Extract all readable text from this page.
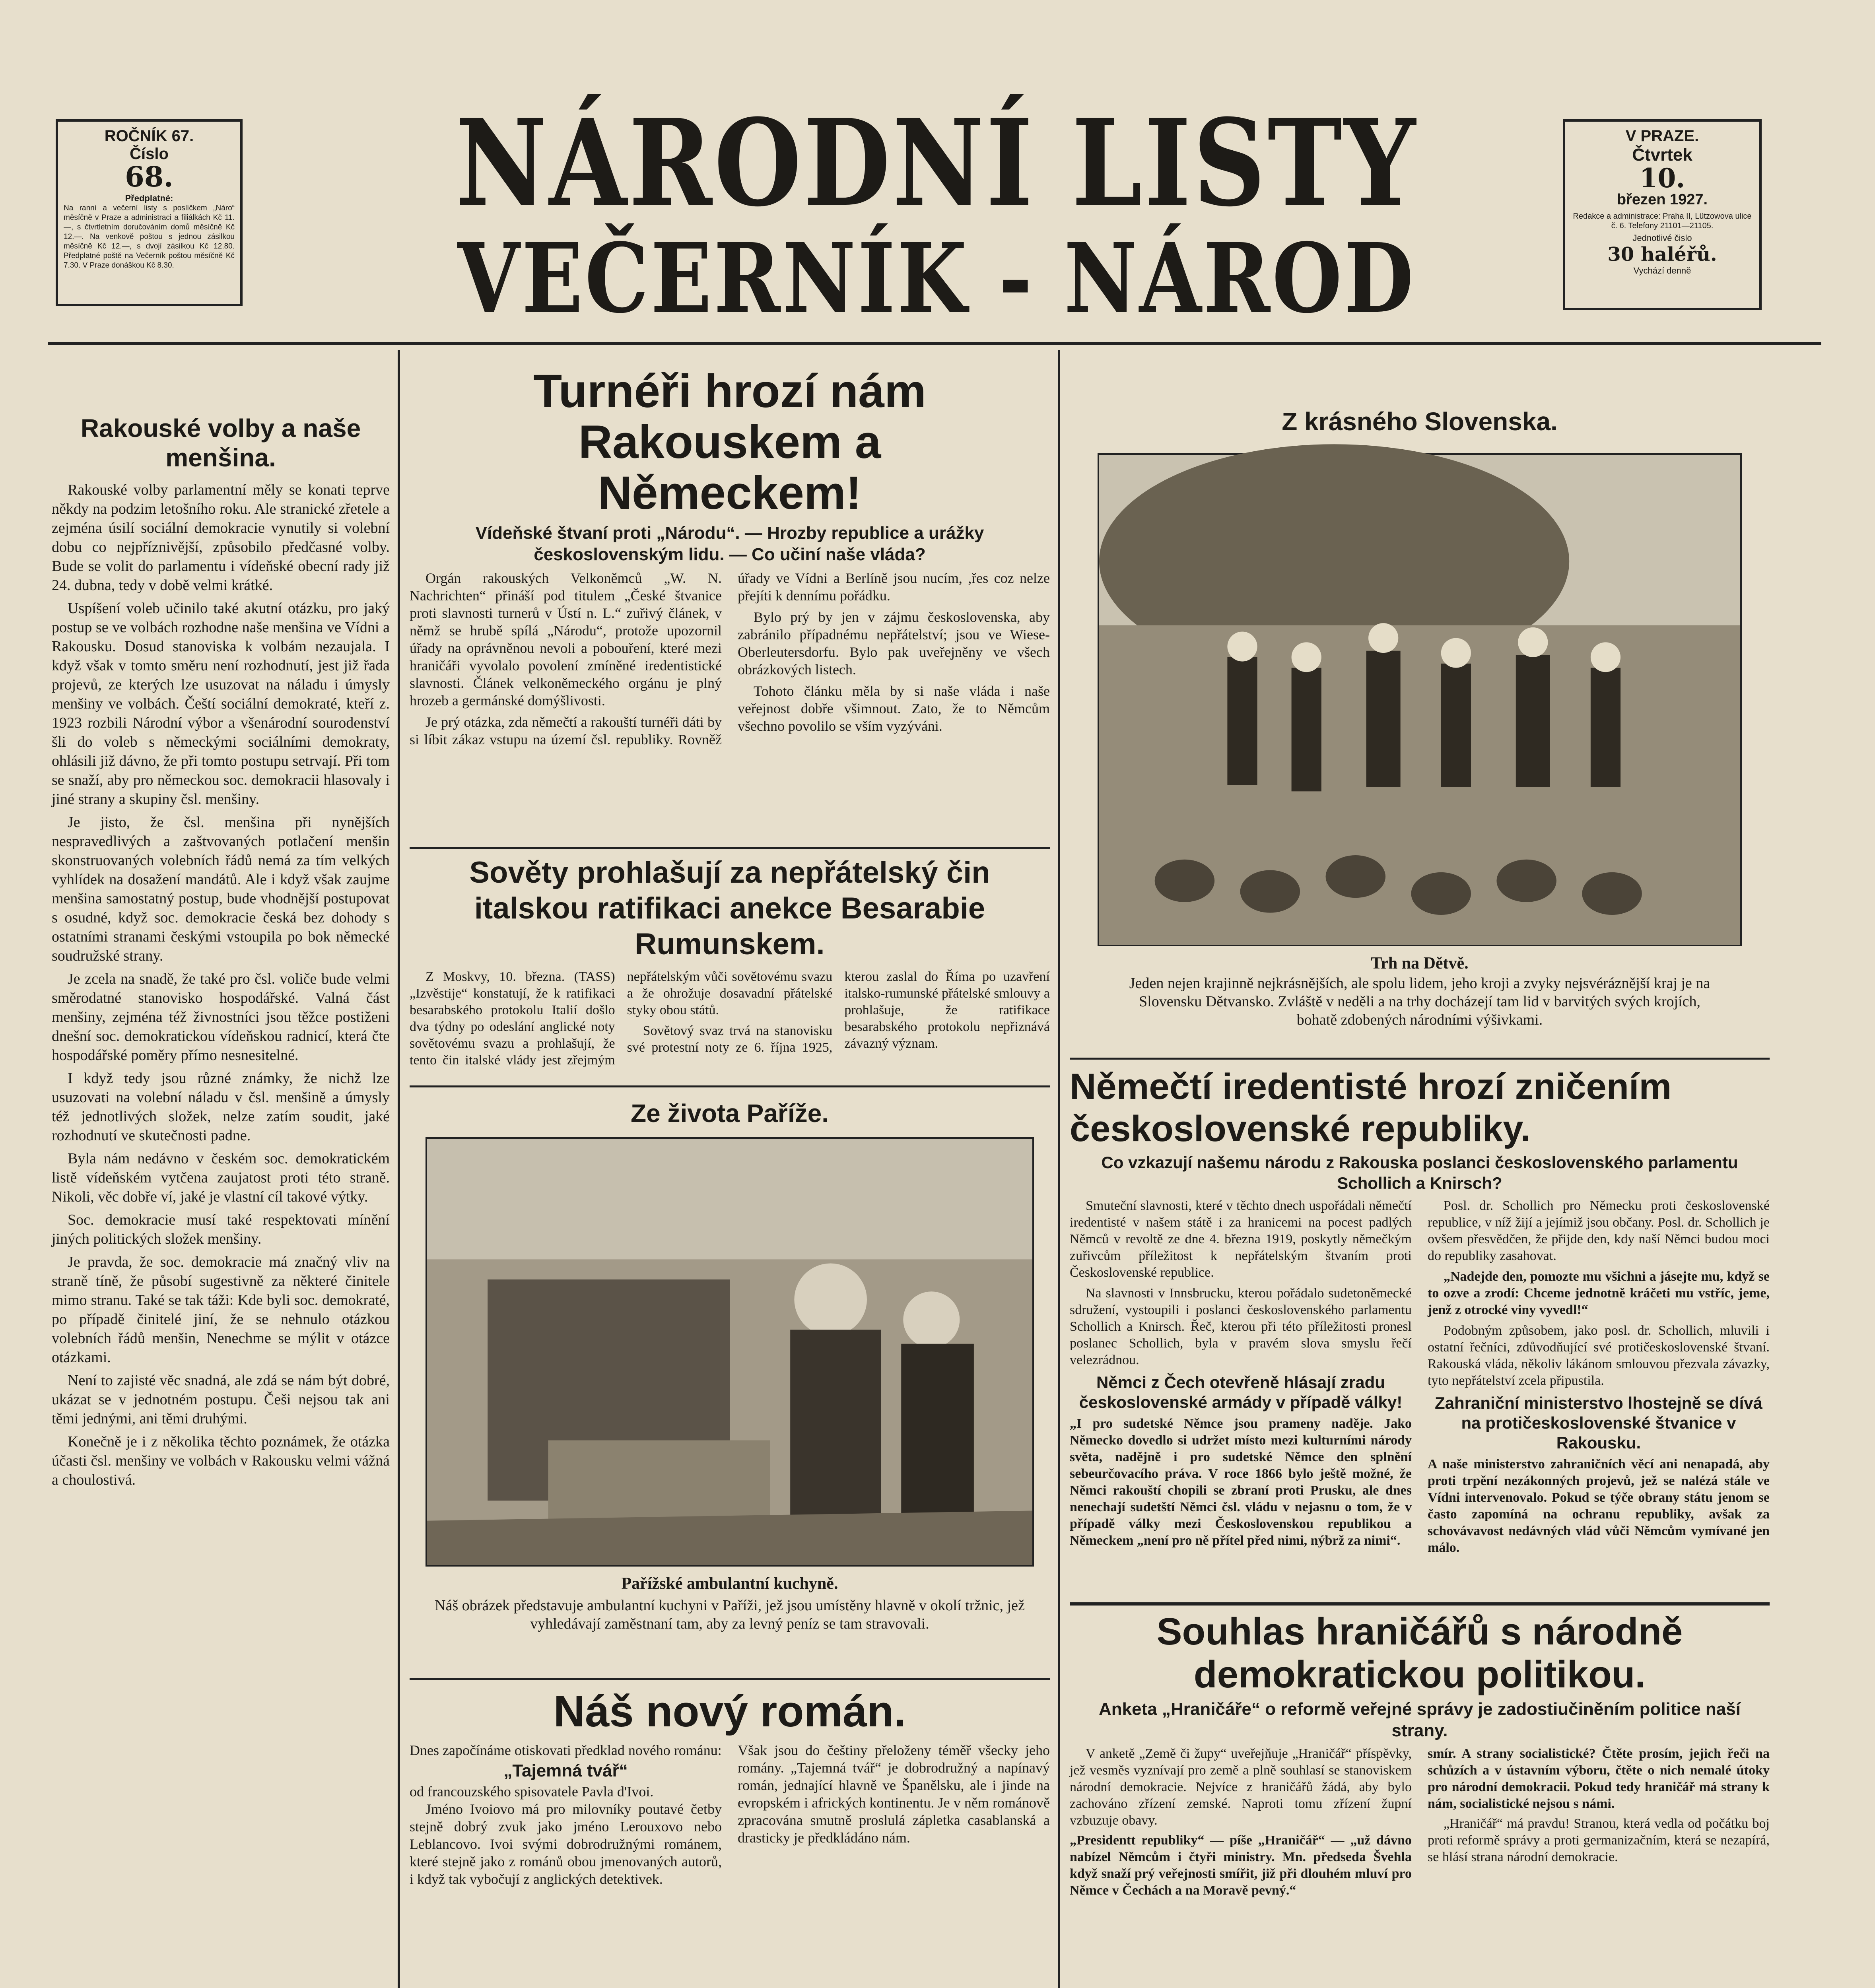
ROČNÍK 67.
Číslo
68.
Předplatné:
Na ranní a večerní listy s poslíčkem „Náro“ měsíčně v Praze a administraci a filiálkách Kč 11.—, s čtvrtletním doručováním domů měsíčně Kč 12.—. Na venkově poštou s jednou zásilkou měsíčně Kč 12.—, s dvojí zásilkou Kč 12.80. Předplatné poště na Večerník poštou měsíčně Kč 7.30. V Praze donáškou Kč 8.30.
NÁRODNÍ LISTY
VEČERNÍK - NÁROD
V PRAZE.
Čtvrtek
10.
březen 1927.
Redakce a administrace: Praha II, Lützowova ulice č. 6. Telefony 21101—21105.
Jednotlivé čislo
30 haléřů.
Vychází denně
Rakouské volby a naše menšina.

Rakouské volby parlamentní měly se konati teprve někdy na podzim letošního roku. Ale stranické zřetele a zejména úsilí sociální demokracie vynutily si volební dobu co nejpříznivější, způsobilo předčasné volby. Bude se volit do parlamentu i vídeňské obecní rady již 24. dubna, tedy v době velmi krátké.

Uspíšení voleb učinilo také akutní otázku, pro jaký postup se ve volbách rozhodne naše menšina ve Vídni a Rakousku. Dosud stanoviska k volbám nezaujala. I když však v tomto směru není rozhodnutí, jest již řada projevů, ze kterých lze usuzovat na náladu i úmysly menšiny ve volbách. Čeští sociální demokraté, kteří z. 1923 rozbili Národní výbor a všenárodní sourodenství šli do voleb s německými sociálními demokraty, ohlásili již dávno, že při tomto postupu setrvají. Při tom se snaží, aby pro německou soc. demokracii hlasovaly i jiné strany a skupiny čsl. menšiny.

Je jisto, že čsl. menšina při nynějších nespravedlivých a zaštvovaných potlačení menšin skonstruovaných volebních řádů nemá za tím velkých vyhlídek na dosažení mandátů. Ale i když však zaujme menšina samostatný postup, bude vhodnější postupovat s osudné, když soc. demokracie česká bez dohody s ostatními stranami českými vstoupila po bok německé soudružské strany.

Je zcela na snadě, že také pro čsl. voliče bude velmi směrodatné stanovisko hospodářské. Valná část menšiny, zejména též živnostníci jsou těžce postiženi dnešní soc. demokratickou vídeňskou radnicí, která čte hospodářské poměry přímo nesnesitelné.

I když tedy jsou různé známky, že nichž lze usuzovati na volební náladu v čsl. menšině a úmysly též jednotlivých složek, nelze zatím soudit, jaké rozhodnutí ve skutečnosti padne.

Byla nám nedávno v českém soc. demokratickém listě vídeňském vytčena zaujatost proti této straně. Nikoli, věc dobře ví, jaké je vlastní cíl takové výtky.

Soc. demokracie musí také respektovati mínění jiných politických složek menšiny.

Je pravda, že soc. demokracie má značný vliv na straně tíně, že působí sugestivně za některé činitele mimo stranu. Také se tak táži: Kde byli soc. demokraté, po případě činitelé jiní, že se nehnulo otázkou volebních řádů menšin, Nenechme se mýlit v otázce otázkami.

Není to zajisté věc snadná, ale zdá se nám být dobré, ukázat se v jednotném postupu. Češi nejsou tak ani těmi jednými, ani těmi druhými.

Konečně je i z několika těchto poznámek, že otázka účasti čsl. menšiny ve volbách v Rakousku velmi vážná a choulostivá.

Turnéři hrozí nám Rakouskem a Německem!
Vídeňské štvaní proti „Národu“. — Hrozby republice a urážky československým lidu. — Co učiní naše vláda?

Orgán rakouských Velkoněmců „W. N. Nachrichten“ přináší pod titulem „České štvanice proti slavnosti turnerů v Ústí n. L.“ zuřivý článek, v němž se hrubě spílá „Národu“, protože upozornil úřady na oprávněnou nevoli a pobouření, které mezi hraničáři vyvolalo povolení zmíněné iredentistické slavnosti. Článek velkoněmeckého orgánu je plný hrozeb a germánské domýšlivosti.

Je prý otázka, zda němečtí a rakouští turnéři dáti by si líbit zákaz vstupu na území čsl. republiky. Rovněž úřady ve Vídni a Berlíně jsou nucím, ,řes coz nelze přejíti k dennímu pořádku.

Bylo prý by jen v zájmu československa, aby zabránilo případnému nepřátelství; jsou ve Wiese-Oberleutersdorfu. Bylo pak uveřejněny ve všech obrázkových listech.

Tohoto článku měla by si naše vláda i naše veřejnost dobře všimnout. Zato, že to Němcům všechno povolilo se vším vyzýváni.

Sověty prohlašují za nepřátelský čin italskou ratifikaci anekce Besarabie Rumunskem.

Z Moskvy, 10. března. (TASS) „Izvěstije“ konstatují, že k ratifikaci besarabského protokolu Italií došlo dva týdny po odeslání anglické noty sovětovému svazu a prohlašují, že tento čin italské vlády jest zřejmým nepřátelským vůči sovětovému svazu a že ohrožuje dosavadní přátelské styky obou států.

Sovětový svaz trvá na stanovisku své protestní noty ze 6. října 1925, kterou zaslal do Říma po uzavření italsko-rumunské přátelské smlouvy a prohlašuje, že ratifikace besarabského protokolu nepřiznává závazný význam.

Ze života Paříže.
Pařížské ambulantní kuchyně.
Náš obrázek představuje ambulantní kuchyni v Paříži, jež jsou umístěny hlavně v okolí tržnic, jež vyhledávají zaměstnaní tam, aby za levný peníz se tam stravovali.
Náš nový román.
Dnes započínáme otiskovati předklad nového románu:
„Tajemná tvář“
od francouzského spisovatele Pavla d'Ivoi.
Jméno Ivoiovo má pro milovníky poutavé četby stejně dobrý zvuk jako jméno Lerouxovo nebo Leblancovo. Ivoi svými dobrodružnými románem, které stejně jako z románů obou jmenovaných autorů, i když tak vybočují z anglických detektivek.
Však jsou do češtiny přeloženy téměř všecky jeho romány. „Tajemná tvář“ je dobrodružný a napínavý román, jednající hlavně ve Španělsku, ale i jinde na evropském i afrických kontinentu. Je v něm románově zpracována smutně proslulá zápletka casablanská a drasticky je předkládáno nám.

Z krásného Slovenska.
Trh na Dětvě.
Jeden nejen krajinně nejkrásnějších, ale spolu lidem, jeho kroji a zvyky nejsvéráznější kraj je na Slovensku Dětvansko. Zvláště v neděli a na trhy docházejí tam lid v barvitých svých krojích, bohatě zdobených národními výšivkami.
Němečtí iredentisté hrozí zničením československé republiky.
Co vzkazují našemu národu z Rakouska poslanci československého parlamentu Schollich a Knirsch?

Smuteční slavnosti, které v těchto dnech uspořádali němečtí iredentisté v našem státě i za hranicemi na pocest padlých Němců v revoltě ze dne 4. března 1919, poskytly němečkým zuřivcům příležitost k nepřátelským štvaním proti Československé republice.

Na slavnosti v Innsbrucku, kterou pořádalo sudetoněmecké sdružení, vystoupili i poslanci československého parlamentu Schollich a Knirsch. Řeč, kterou při této příležitosti pronesl poslanec Schollich, byla v pravém slova smyslu řečí velezrádnou.

Němci z Čech otevřeně hlásají zradu československé armády v případě války!
„I pro sudetské Němce jsou prameny naděje. Jako Německo dovedlo si udržet místo mezi kulturními národy světa, nadějně i pro sudetské Němce den splnění sebeurčovacího práva. V roce 1866 bylo ještě možné, že Němci rakouští chopili se zbraní proti Prusku, ale dnes nenechají sudetští Němci čsl. vládu v nejasnu o tom, že v případě války mezi Československou republikou a Německem „není pro ně přítel před nimi, nýbrž za nimi“.

Posl. dr. Schollich pro Německu proti československé republice, v níž žijí a jejímiž jsou občany. Posl. dr. Schollich je ovšem přesvědčen, že přijde den, kdy naší Němci budou moci do republiky zasahovat.

„Nadejde den, pomozte mu všichni a jásejte mu, když se to ozve a zrodí: Chceme jednotně kráčeti mu vstříc, jeme, jenž z otrocké viny vyvedl!“

Podobným způsobem, jako posl. dr. Schollich, mluvili i ostatní řečníci, zdůvodňující své protičeskoslovenské štvaní. Rakouská vláda, několiv lákánom smlouvou přezvala závazky, tyto nepřátelství zcela připustila.

Zahraniční ministerstvo lhostejně se dívá na protičeskoslovenské štvanice v Rakousku.
A naše ministerstvo zahraničních věcí ani nenapadá, aby proti trpění nezákonných projevů, jež se nalézá stále ve Vídni intervenovalo. Pokud se týče obrany státu jenom se často zapomíná na ochranu republiky, avšak za schovávavost nedávných vlád vůči Němcům vymívané jen málo.
Souhlas hraničářů s národně demokratickou politikou.
Anketa „Hraničáře“ o reformě veřejné správy je zadostiučiněním politice naší strany.
V anketě „Země či župy“ uveřejňuje „Hraničář“ příspěvky, jež vesměs vyznívají pro země a plně souhlasí se stanoviskem národní demokracie. Nejvíce z hraničářů žádá, aby bylo zachováno zřízení zemské. Naproti tomu zřízení župní vzbuzuje obavy.
„Presidentt republiky“ — píše „Hraničář“ — „už dávno nabízel Němcům i čtyři ministry. Mn. předseda Švehla když snaží prý veřejnosti smířit, již při dlouhém mluví pro Němce v Čechách a na Moravě pevný.“
smír. A strany socialistické? Čtěte prosím, jejich řeči na schůzích a v ústavním výboru, čtěte o nich nemalé útoky pro národní demokracii. Pokud tedy hraničář má strany k nám, socialistické nejsou s námi.
„Hraničář“ má pravdu! Stranou, která vedla od počátku boj proti reformě správy a proti germanizačním, která se nezapírá, se hlásí strana národní demokracie.
